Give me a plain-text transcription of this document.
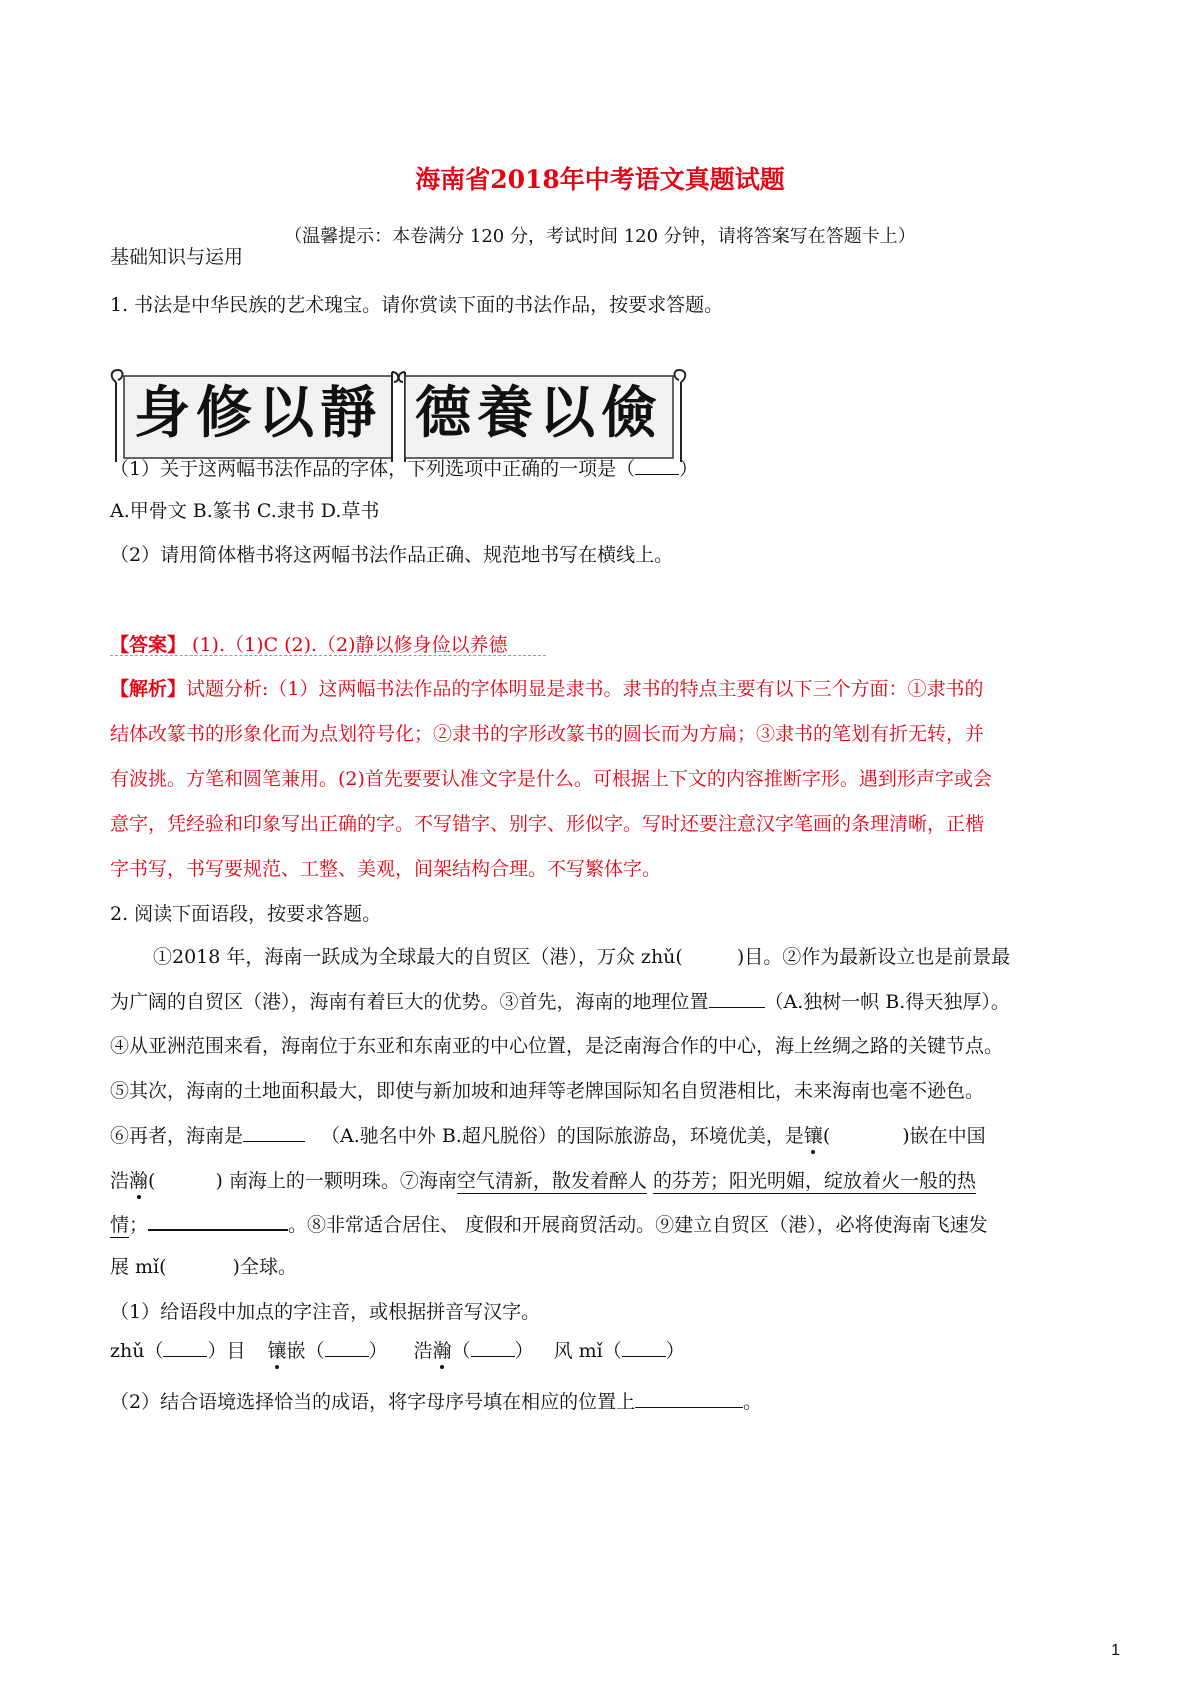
海南省2018年中考语文真题试题
（温馨提示：本卷满分 120 分，考试时间 120 分钟，请将答案写在答题卡上）
基础知识与运用
1. 书法是中华民族的艺术瑰宝。请你赏读下面的书法作品，按要求答题。
身修以靜 德養以儉
（1）关于这两幅书法作品的字体，下列选项中正确的一项是（ ）
A.甲骨文 B.篆书 C.隶书 D.草书
（2）请用简体楷书将这两幅书法作品正确、规范地书写在横线上。
【答案】 (1).（1)C (2).（2)静以修身俭以养德
【解析】试题分析:（1）这两幅书法作品的字体明显是隶书。隶书的特点主要有以下三个方面：①隶书的
结体改篆书的形象化而为点划符号化；②隶书的字形改篆书的圆长而为方扁；③隶书的笔划有折无转，并
有波挑。方笔和圆笔兼用。(2)首先要要认准文字是什么。可根据上下文的内容推断字形。遇到形声字或会
意字，凭经验和印象写出正确的字。不写错字、别字、形似字。写时还要注意汉字笔画的条理清晰，正楷
字书写，书写要规范、工整、美观，间架结构合理。不写繁体字。
2. 阅读下面语段，按要求答题。
①2018 年，海南一跃成为全球最大的自贸区（港），万众 zhǔ(	)目。②作为最新设立也是前景最
为广阔的自贸区（港），海南有着巨大的优势。③首先，海南的地理位置	（A.独树一帜 B.得天独厚）。
④从亚洲范围来看，海南位于东亚和东南亚的中心位置，是泛南海合作的中心，海上丝绸之路的关键节点。
⑤其次，海南的土地面积最大，即使与新加坡和迪拜等老牌国际知名自贸港相比，未来海南也毫不逊色。
⑥再者，海南是	（A.驰名中外 B.超凡脱俗）的国际旅游岛，环境优美，是镶(	)嵌在中国
浩瀚(	) 南海上的一颗明珠。⑦海南空气清新，散发着醉人 的芬芳；阳光明媚，绽放着火一般的热
情；	。⑧非常适合居住、 度假和开展商贸活动。⑨建立自贸区（港），必将使海南飞速发
展 mǐ(	)全球。
（1）给语段中加点的字注音，或根据拼音写汉字。
zhǔ（ ）目 镶嵌（ ） 浩瀚（ ） 风 mǐ（ ）
（2）结合语境选择恰当的成语，将字母序号填在相应的位置上	。
1
